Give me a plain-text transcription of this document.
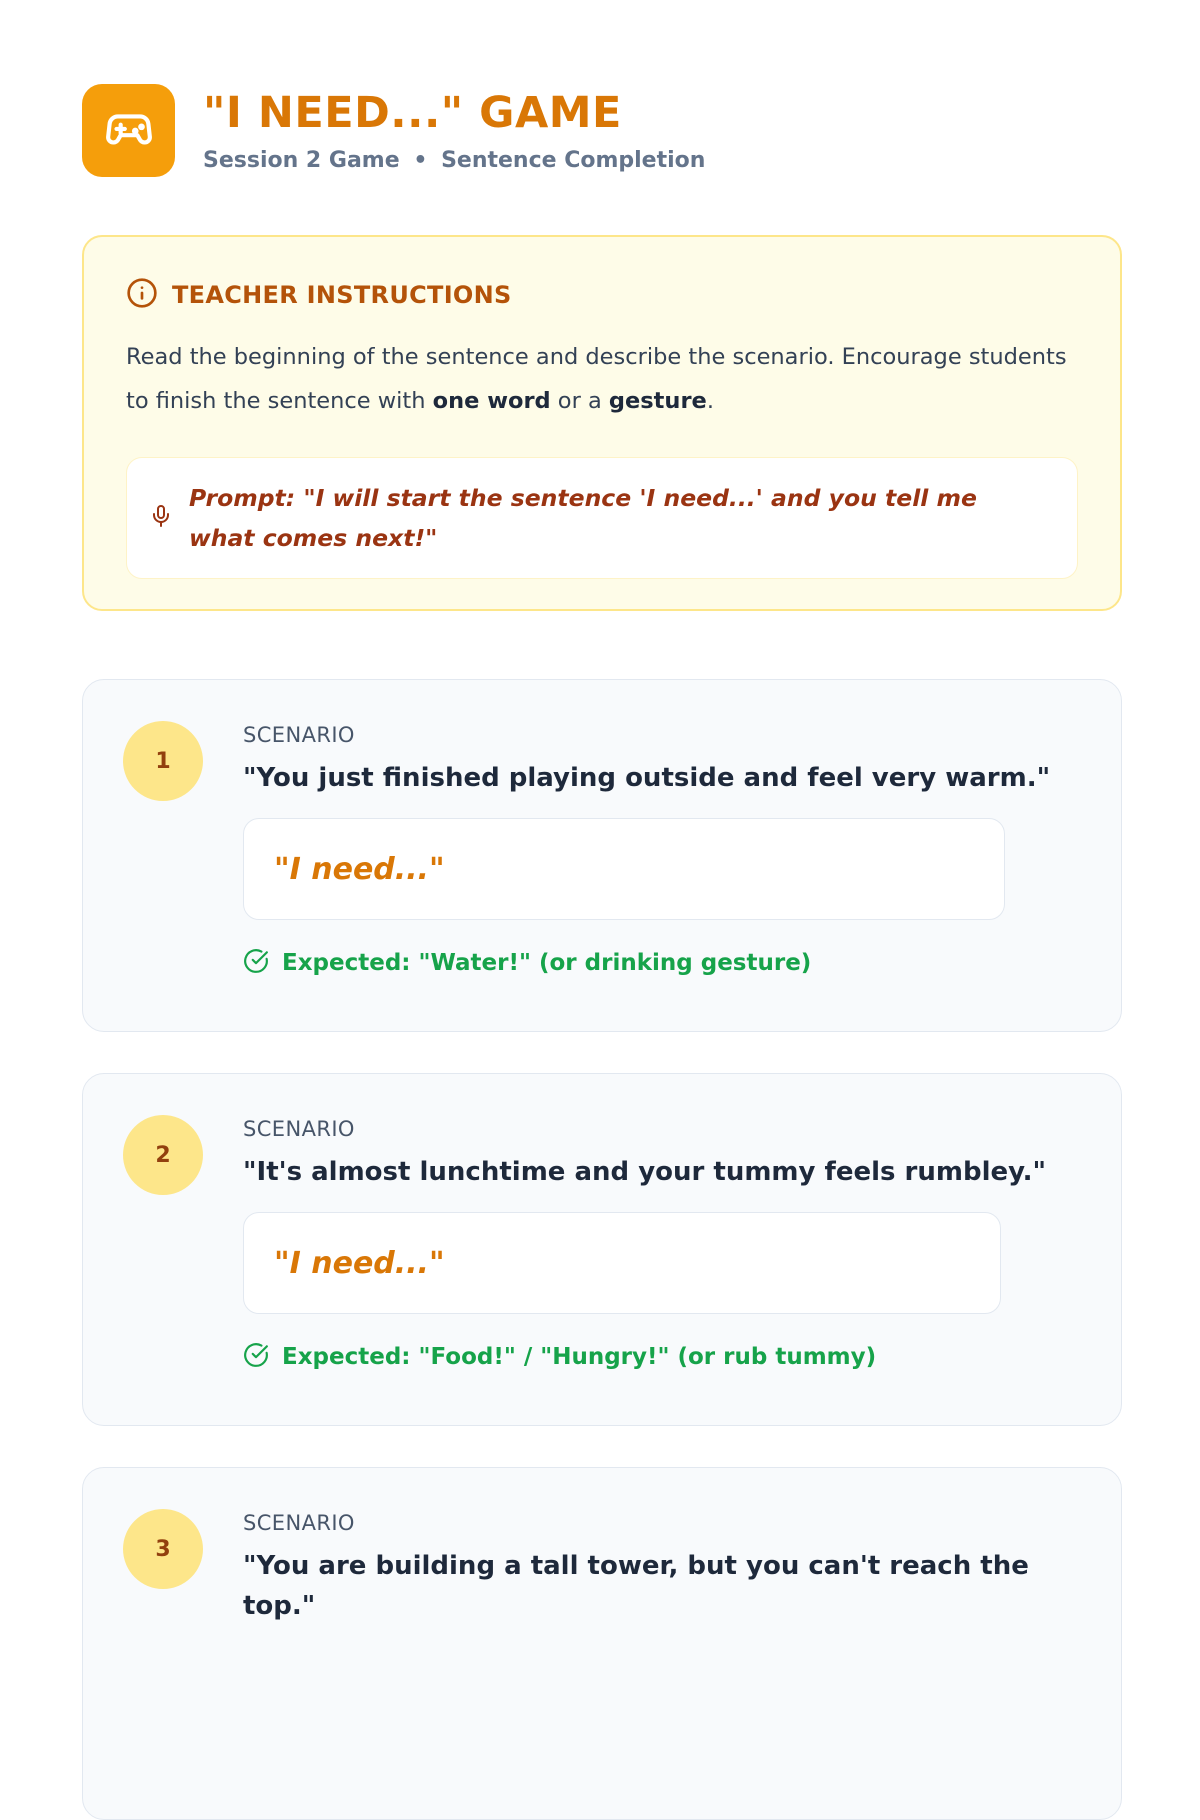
"I NEED..." GAME
Session 2 Game • Sentence Completion
TEACHER INSTRUCTIONS

Read the beginning of the sentence and describe the scenario. Encourage students to finish the sentence with one word or a gesture.

Prompt: "I will start the sentence 'I need...' and you tell me what comes next!"
1
SCENARIO
"You just finished playing outside and feel very warm."
"I need..."
Expected: "Water!" (or drinking gesture)
2
SCENARIO
"It's almost lunchtime and your tummy feels rumbley."
"I need..."
Expected: "Food!" / "Hungry!" (or rub tummy)
3
SCENARIO
"You are building a tall tower, but you can't reach the top."
